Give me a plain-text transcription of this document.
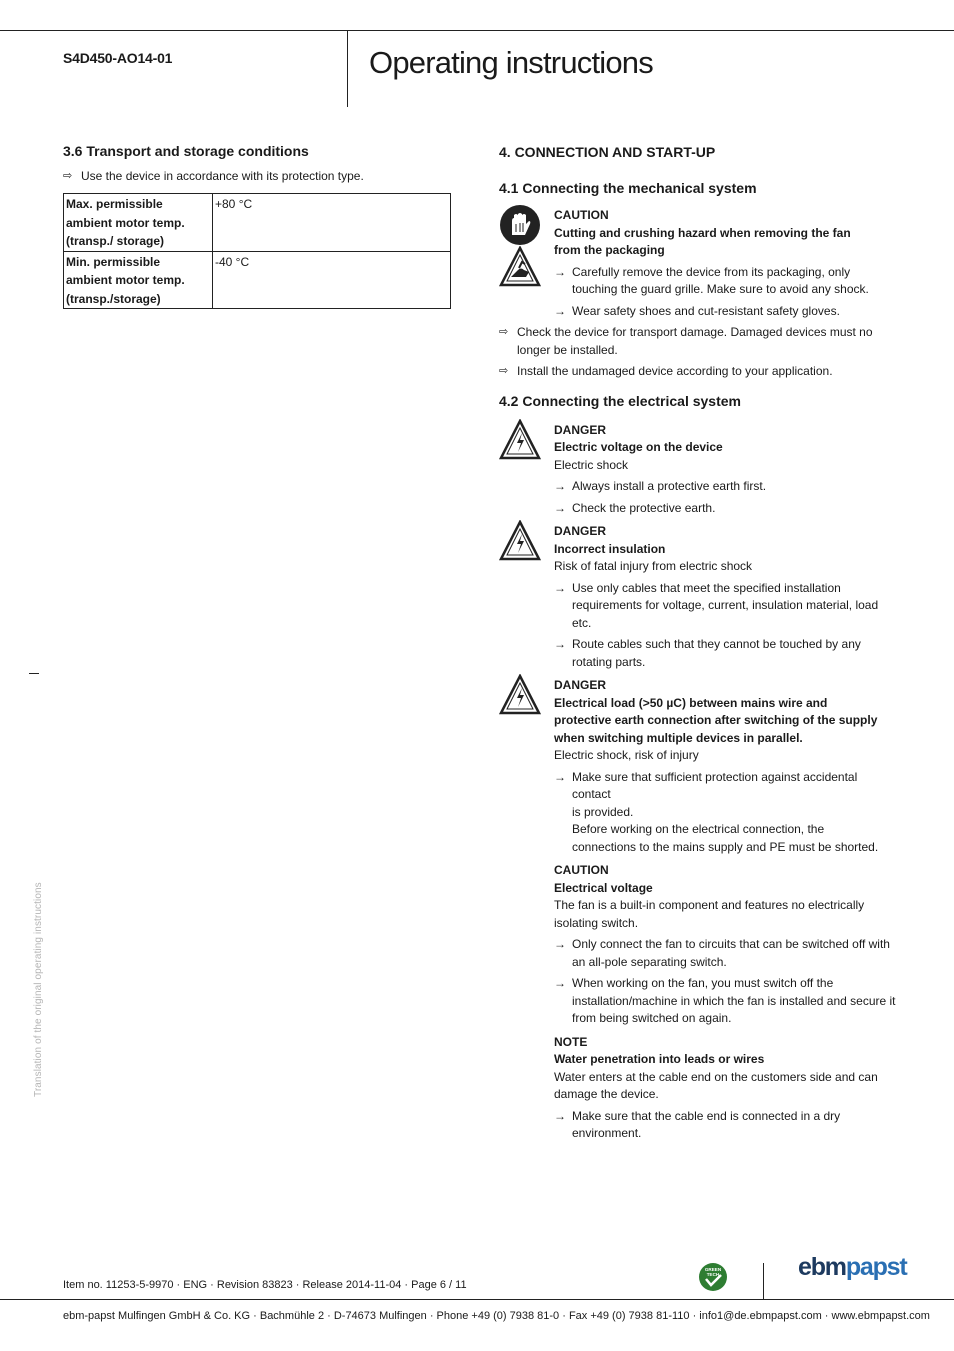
S4D450-AO14-01	Operating instructions
3.6 Transport and storage conditions
⇨ Use the device in accordance with its protection type.
Max. permissible
ambient motor temp.
(transp./ storage)	+80 °C

Min. permissible
ambient motor temp.
(transp./storage)	-40 °C
Translation of the original operating instructions
4. CONNECTION AND START-UP
4.1 Connecting the mechanical system
CAUTION
Cutting and crushing hazard when removing the fan
from the packaging
→ Carefully remove the device from its packaging, only
touching the guard grille. Make sure to avoid any shock.
→ Wear safety shoes and cut-resistant safety gloves.
⇨ Check the device for transport damage. Damaged devices must no
longer be installed.
⇨ Install the undamaged device according to your application.
4.2 Connecting the electrical system
DANGER
Electric voltage on the device
Electric shock
→ Always install a protective earth first.
→ Check the protective earth.
DANGER
Incorrect insulation
Risk of fatal injury from electric shock
→ Use only cables that meet the specified installation
requirements for voltage, current, insulation material, load etc.
→ Route cables such that they cannot be touched by any
rotating parts.
DANGER
Electrical load (>50 µC) between mains wire and
protective earth connection after switching of the supply
when switching multiple devices in parallel.
Electric shock, risk of injury
→ Make sure that sufficient protection against accidental contact
is provided.
Before working on the electrical connection, the
connections to the mains supply and PE must be shorted.
CAUTION
Electrical voltage
The fan is a built-in component and features no electrically
isolating switch.
→ Only connect the fan to circuits that can be switched off with
an all-pole separating switch.
→ When working on the fan, you must switch off the
installation/machine in which the fan is installed and secure it
from being switched on again.
NOTE
Water penetration into leads or wires
Water enters at the cable end on the customers side and can
damage the device.
→ Make sure that the cable end is connected in a dry
environment.
Item no. 11253-5-9970 · ENG · Revision 83823 · Release 2014-11-04 · Page 6 / 11
GREEN
TECH	ebmpapst
ebm-papst Mulfingen GmbH & Co. KG · Bachmühle 2 · D-74673 Mulfingen · Phone +49 (0) 7938 81-0 · Fax +49 (0) 7938 81-110 · info1@de.ebmpapst.com · www.ebmpapst.com
